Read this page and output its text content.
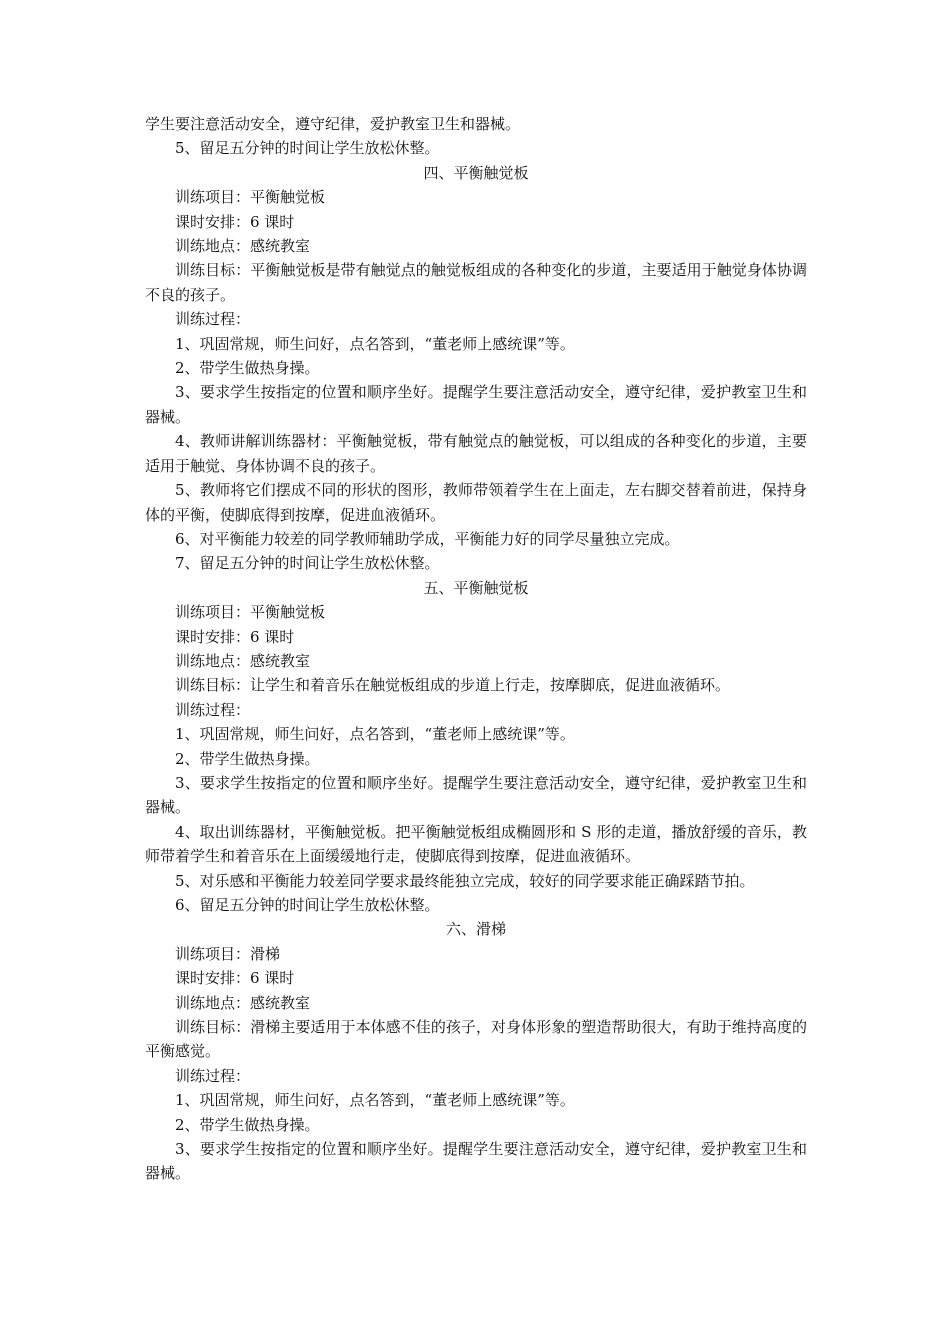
学生要注意活动安全，遵守纪律，爱护教室卫生和器械。

5、留足五分钟的时间让学生放松休整。

四、平衡触觉板

训练项目：平衡触觉板

课时安排：6 课时

训练地点：感统教室

训练目标：平衡触觉板是带有触觉点的触觉板组成的各种变化的步道，主要适用于触觉身体协调不良的孩子。

训练过程：

1、巩固常规，师生问好，点名答到，“董老师上感统课”等。

2、带学生做热身操。

3、要求学生按指定的位置和顺序坐好。提醒学生要注意活动安全，遵守纪律，爱护教室卫生和器械。

4、教师讲解训练器材：平衡触觉板，带有触觉点的触觉板，可以组成的各种变化的步道，主要适用于触觉、身体协调不良的孩子。

5、教师将它们摆成不同的形状的图形，教师带领着学生在上面走，左右脚交替着前进，保持身体的平衡，使脚底得到按摩，促进血液循环。

6、对平衡能力较差的同学教师辅助学成，平衡能力好的同学尽量独立完成。

7、留足五分钟的时间让学生放松休整。

五、平衡触觉板

训练项目：平衡触觉板

课时安排：6 课时

训练地点：感统教室

训练目标：让学生和着音乐在触觉板组成的步道上行走，按摩脚底，促进血液循环。

训练过程：

1、巩固常规，师生问好，点名答到，“董老师上感统课”等。

2、带学生做热身操。

3、要求学生按指定的位置和顺序坐好。提醒学生要注意活动安全，遵守纪律，爱护教室卫生和器械。

4、取出训练器材，平衡触觉板。把平衡触觉板组成椭圆形和 S 形的走道，播放舒缓的音乐，教师带着学生和着音乐在上面缓缓地行走，使脚底得到按摩，促进血液循环。

5、对乐感和平衡能力较差同学要求最终能独立完成，较好的同学要求能正确踩踏节拍。

6、留足五分钟的时间让学生放松休整。

六、滑梯

训练项目：滑梯

课时安排：6 课时

训练地点：感统教室

训练目标：滑梯主要适用于本体感不佳的孩子，对身体形象的塑造帮助很大，有助于维持高度的平衡感觉。

训练过程：

1、巩固常规，师生问好，点名答到，“董老师上感统课”等。

2、带学生做热身操。

3、要求学生按指定的位置和顺序坐好。提醒学生要注意活动安全，遵守纪律，爱护教室卫生和器械。
